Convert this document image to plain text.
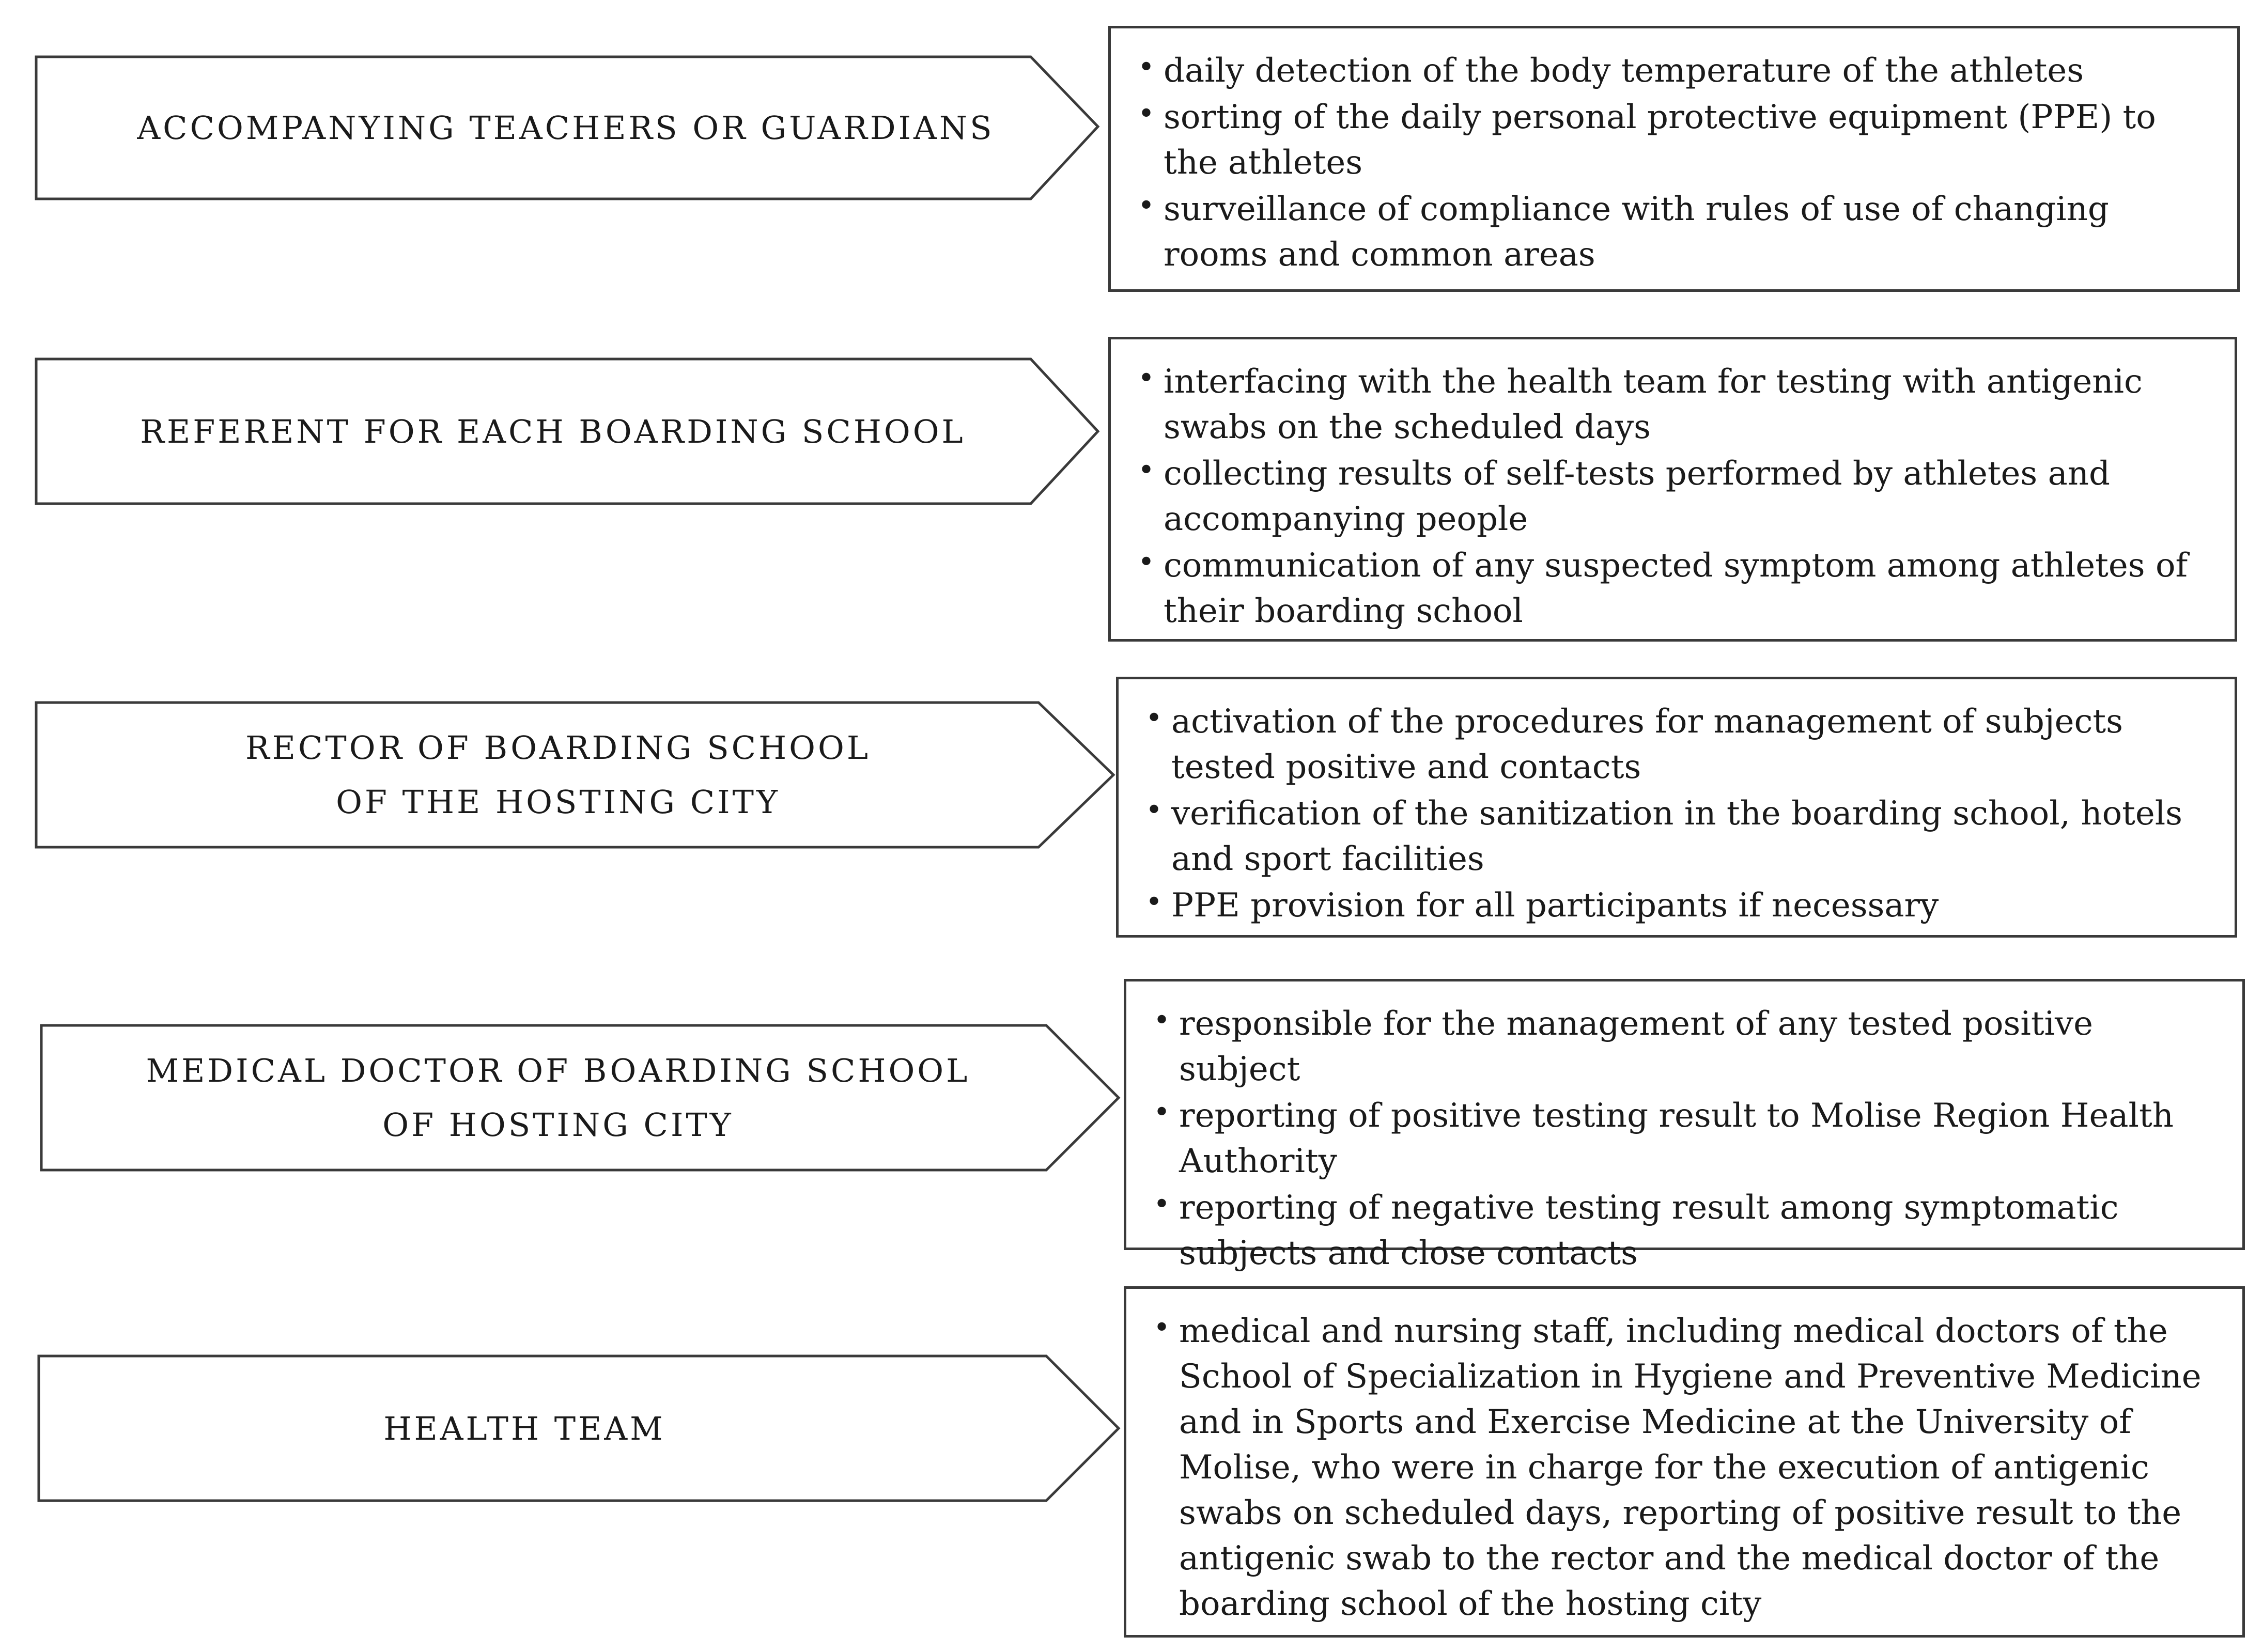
ACCOMPANYING TEACHERS OR GUARDIANS
REFERENT FOR EACH BOARDING SCHOOL
RECTOR OF BOARDING SCHOOL
OF THE HOSTING CITY
MEDICAL DOCTOR OF BOARDING SCHOOL
OF HOSTING CITY
HEALTH TEAM
• daily detection of the body temperature of the athletes
• sorting of the daily personal protective equipment (PPE) to the athletes
• surveillance of compliance with rules of use of changing rooms and common areas
• interfacing with the health team for testing with antigenic swabs on the scheduled days
• collecting results of self-tests performed by athletes and accompanying people
• communication of any suspected symptom among athletes of their boarding school
• activation of the procedures for management of subjects tested positive and contacts
• verification of the sanitization in the boarding school, hotels and sport facilities
• PPE provision for all participants if necessary
• responsible for the management of any tested positive subject
• reporting of positive testing result to Molise Region Health Authority
• reporting of negative testing result among symptomatic subjects and close contacts
• medical and nursing staff, including medical doctors of the School of Specialization in Hygiene and Preventive Medicine and in Sports and Exercise Medicine at the University of Molise, who were in charge for the execution of antigenic swabs on scheduled days, reporting of positive result to the antigenic swab to the rector and the medical doctor of the boarding school of the hosting city
